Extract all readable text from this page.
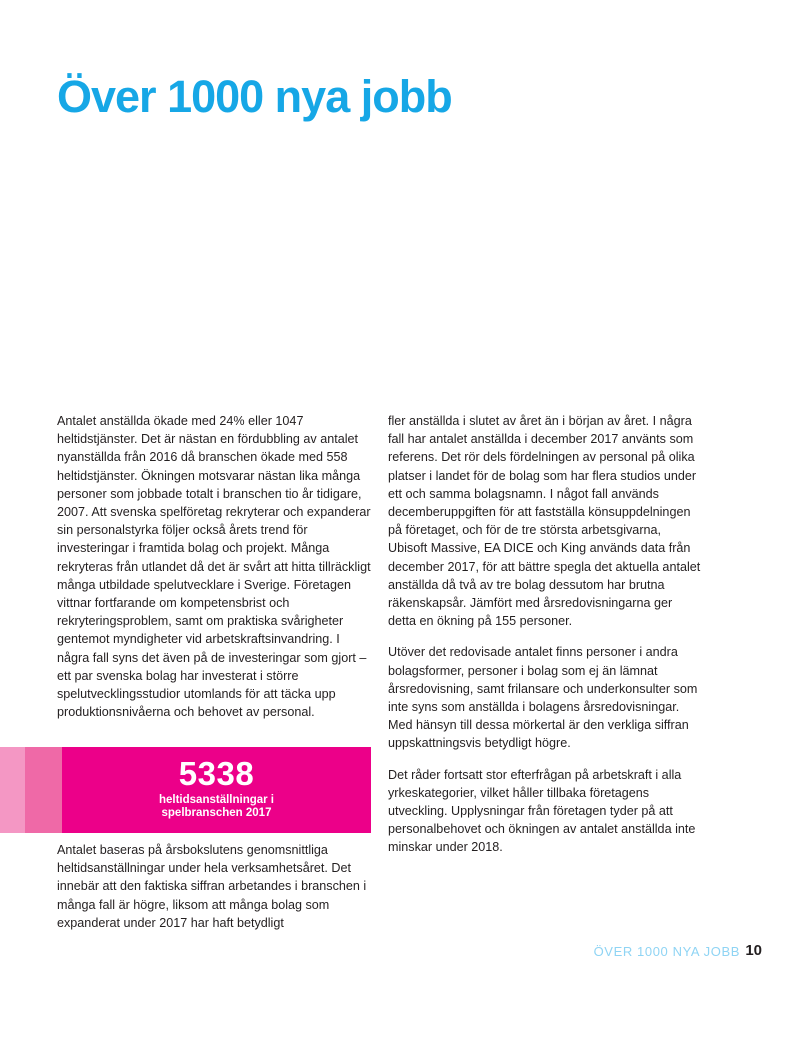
Över 1000 nya jobb

Antalet anställda ökade med 24% eller 1047 heltidstjänster. Det är nästan en fördubbling av antalet nyanställda från 2016 då branschen ökade med 558 heltidstjänster. Ökningen motsvarar nästan lika många personer som jobbade totalt i branschen tio år tidigare, 2007. Att svenska spelföretag rekryterar och expanderar sin personalstyrka följer också årets trend för investeringar i framtida bolag och projekt. Många rekryteras från utlandet då det är svårt att hitta tillräckligt många utbildade spelutvecklare i Sverige. Företagen vittnar fortfarande om kompetensbrist och rekryteringsproblem, samt om praktiska svårigheter gentemot myndigheter vid arbetskraftsinvandring. I några fall syns det även på de investeringar som gjort – ett par svenska bolag har investerat i större spelutvecklingsstudior utomlands för att täcka upp produktionsnivåerna och behovet av personal.

5338
heltidsanställningar i spelbranschen 2017

Antalet baseras på årsbokslutens genomsnittliga heltidsanställningar under hela verksamhetsåret. Det innebär att den faktiska siffran arbetandes i branschen i många fall är högre, liksom att många bolag som expanderat under 2017 har haft betydligt

fler anställda i slutet av året än i början av året. I några fall har antalet anställda i december 2017 använts som referens. Det rör dels fördelningen av personal på olika platser i landet för de bolag som har flera studios under ett och samma bolagsnamn. I något fall används decemberuppgiften för att fastställa könsuppdelningen på företaget, och för de tre största arbetsgivarna, Ubisoft Massive, EA DICE och King används data från december 2017, för att bättre spegla det aktuella antalet anställda då två av tre bolag dessutom har brutna räkenskapsår. Jämfört med årsredovisningarna ger detta en ökning på 155 personer.

Utöver det redovisade antalet finns personer i andra bolagsformer, personer i bolag som ej än lämnat årsredovisning, samt frilansare och underkonsulter som inte syns som anställda i bolagens årsredovisningar. Med hänsyn till dessa mörkertal är den verkliga siffran uppskattningsvis betydligt högre.

Det råder fortsatt stor efterfrågan på arbetskraft i alla yrkeskategorier, vilket håller tillbaka företagens utveckling. Upplysningar från företagen tyder på att personalbehovet och ökningen av antalet anställda inte minskar under 2018.

ÖVER 1000 NYA JOBB 10
